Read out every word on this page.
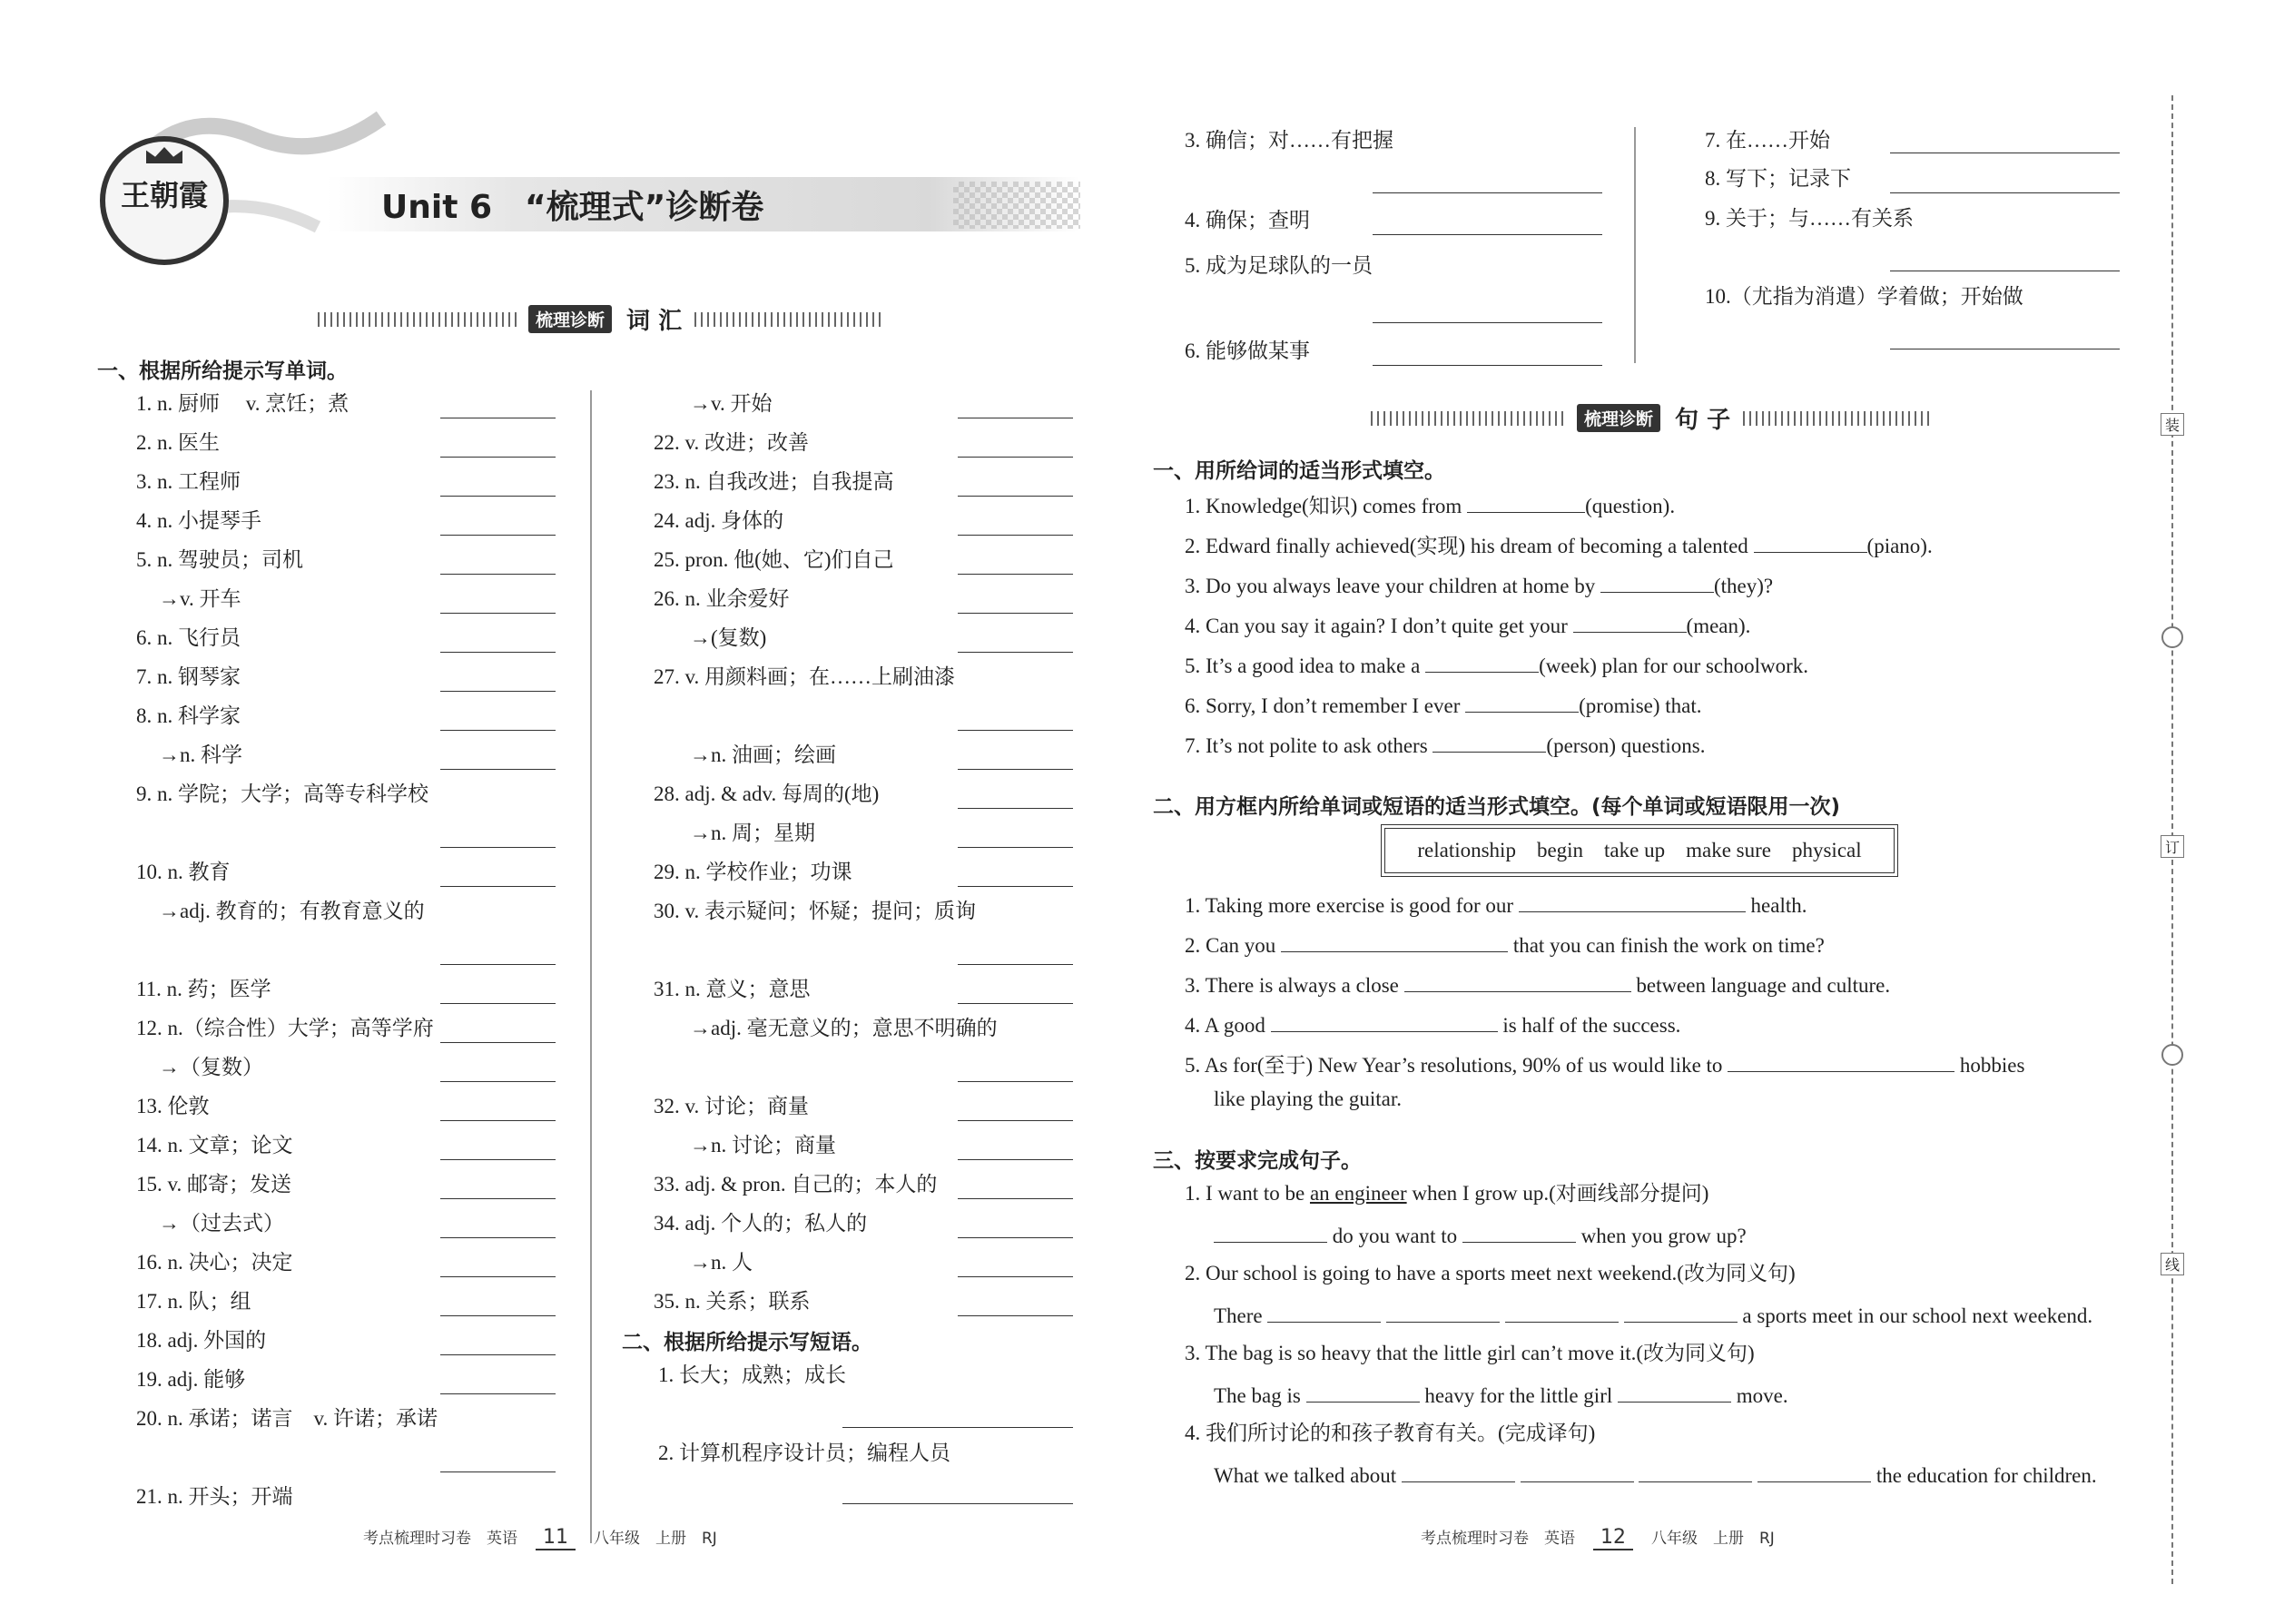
王朝霞	Unit 6　“梳理式”诊断卷
梳理诊断 词 汇
一、根据所给提示写单词。
1. n. 厨师　 v. 烹饪；煮
2. n. 医生
3. n. 工程师
4. n. 小提琴手
5. n. 驾驶员；司机
→v. 开车
6. n. 飞行员
7. n. 钢琴家
8. n. 科学家
→n. 科学
9. n. 学院；大学；高等专科学校
10. n. 教育
→adj. 教育的；有教育意义的
11. n. 药；医学
12. n.（综合性）大学；高等学府
→（复数）
13. 伦敦
14. n. 文章；论文
15. v. 邮寄；发送
→（过去式）
16. n. 决心；决定
17. n. 队；组
18. adj. 外国的
19. adj. 能够
20. n. 承诺；诺言　v. 许诺；承诺
21. n. 开头；开端
→v. 开始
22. v. 改进；改善
23. n. 自我改进；自我提高
24. adj. 身体的
25. pron. 他(她、它)们自己
26. n. 业余爱好
→(复数)
27. v. 用颜料画；在……上刷油漆
→n. 油画；绘画
28. adj. & adv. 每周的(地)
→n. 周；星期
29. n. 学校作业；功课
30. v. 表示疑问；怀疑；提问；质询
31. n. 意义；意思
→adj. 毫无意义的；意思不明确的
32. v. 讨论；商量
→n. 讨论；商量
33. adj. & pron. 自己的；本人的
34. adj. 个人的；私人的
→n. 人
35. n. 关系；联系
二、根据所给提示写短语。
1. 长大；成熟；成长
2. 计算机程序设计员；编程人员
考点梳理时习卷　英语 11 八年级　上册　RJ
3. 确信；对……有把握
4. 确保；查明
5. 成为足球队的一员
6. 能够做某事
7. 在……开始
8. 写下；记录下
9. 关于；与……有关系
10.（尤指为消遣）学着做；开始做
梳理诊断 句 子
一、用所给词的适当形式填空。
1. Knowledge(知识) comes from	(question).
2. Edward finally achieved(实现) his dream of becoming a talented	(piano).
3. Do you always leave your children at home by	(they)?
4. Can you say it again? I don’t quite get your	(mean).
5. It’s a good idea to make a	(week) plan for our schoolwork.
6. Sorry, I don’t remember I ever	(promise) that.
7. It’s not polite to ask others	(person) questions.
二、用方框内所给单词或短语的适当形式填空。(每个单词或短语限用一次)
relationship　begin　take up　make sure　physical
1. Taking more exercise is good for our	health.
2. Can you	that you can finish the work on time?
3. There is always a close	between language and culture.
4. A good	is half of the success.
5. As for(至于) New Year’s resolutions, 90% of us would like to	hobbies
like playing the guitar.
三、按要求完成句子。
1. I want to be an engineer when I grow up.(对画线部分提问)
do you want to	when you grow up?
2. Our school is going to have a sports meet next weekend.(改为同义句)
There	a sports meet in our school next weekend.
3. The bag is so heavy that the little girl can’t move it.(改为同义句)
The bag is	heavy for the little girl	move.
4. 我们所讨论的和孩子教育有关。(完成译句)
What we talked about	the education for children.
考点梳理时习卷　英语 12 八年级　上册　RJ
装
订
线
